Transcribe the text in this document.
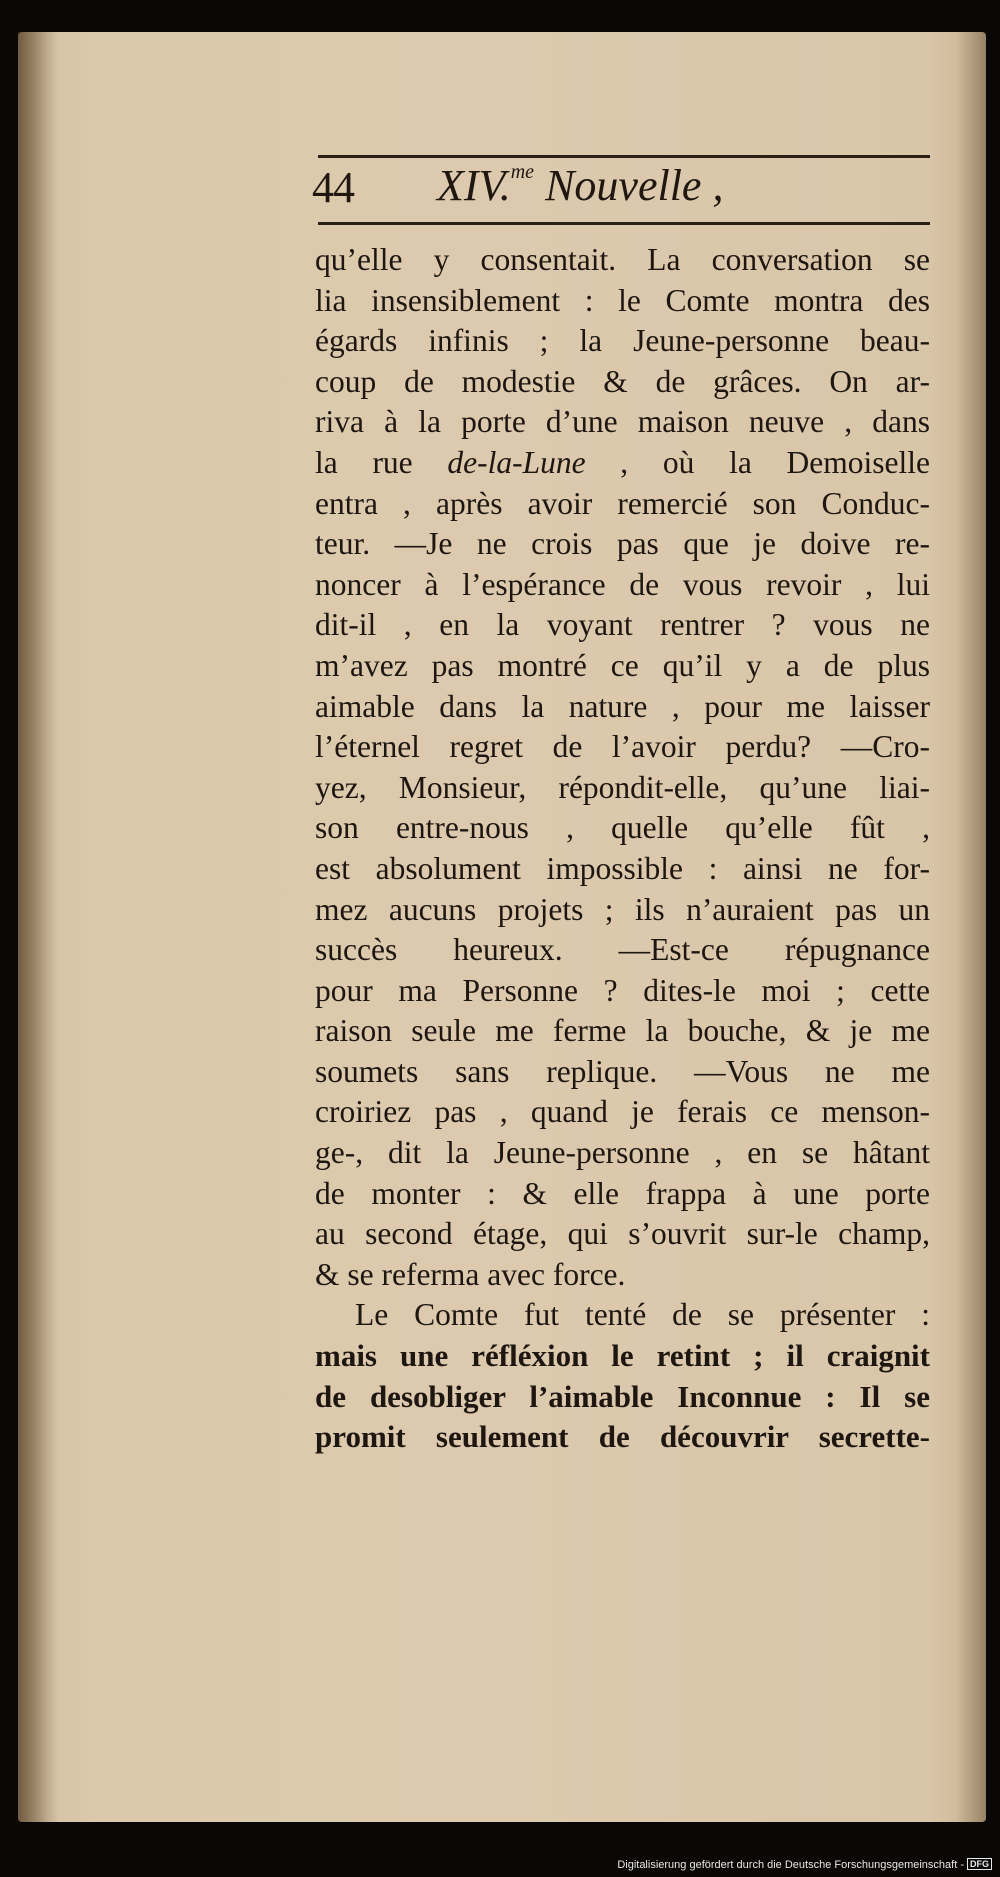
44 XIV.$^{me}$ Nouvelle ,
qu’elle y consentait. La conversation se
lia insensiblement : le Comte montra des
égards infinis ; la Jeune-personne beau-
coup de modestie & de grâces. On ar-
riva à la porte d’une maison neuve , dans
la rue de-la-Lune , où la Demoiselle
entra , après avoir remercié son Conduc-
teur. —Je ne crois pas que je doive re-
noncer à l’espérance de vous revoir , lui
dit-il , en la voyant rentrer ? vous ne
m’avez pas montré ce qu’il y a de plus
aimable dans la nature , pour me laisser
l’éternel regret de l’avoir perdu? —Cro-
yez, Monsieur, répondit-elle, qu’une liai-
son entre-nous , quelle qu’elle fût ,
est absolument impossible : ainsi ne for-
mez aucuns projets ; ils n’auraient pas un
succès heureux. —Est-ce répugnance
pour ma Personne ? dites-le moi ; cette
raison seule me ferme la bouche, & je me
soumets sans replique. —Vous ne me
croiriez pas , quand je ferais ce menson-
ge-, dit la Jeune-personne , en se hâtant
de monter : & elle frappa à une porte
au second étage, qui s’ouvrit sur-le champ,
& se referma avec force.
Le Comte fut tenté de se présenter :
mais une réfléxion le retint ; il craignit
de desobliger l’aimable Inconnue : Il se
promit seulement de découvrir secrette-
Digitalisierung gefördert durch die Deutsche Forschungsgemeinschaft - DFG
